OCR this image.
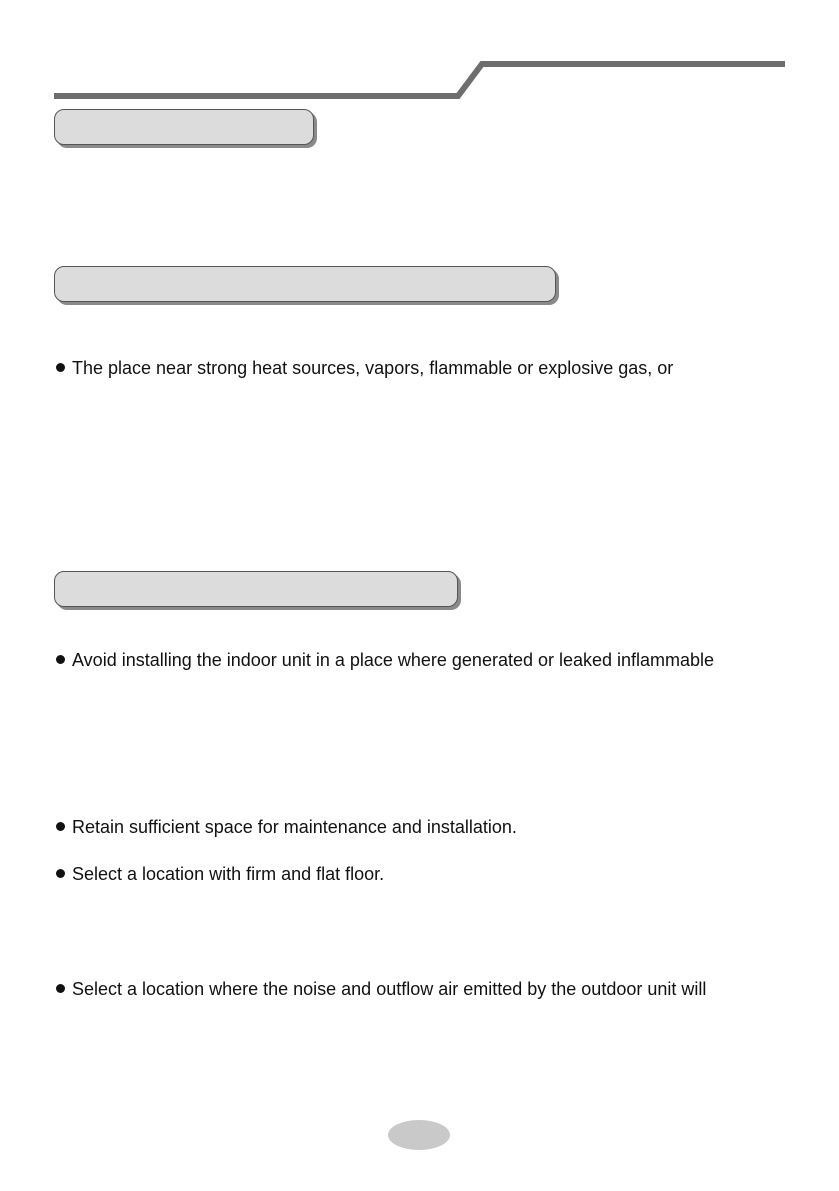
The place near strong heat sources, vapors, flammable or explosive gas, or
Avoid installing the indoor unit in a place where generated or leaked inflammable
Retain sufficient space for maintenance and installation.
Select a location with firm and flat floor.
Select a location where the noise and outflow air emitted by the outdoor unit will
